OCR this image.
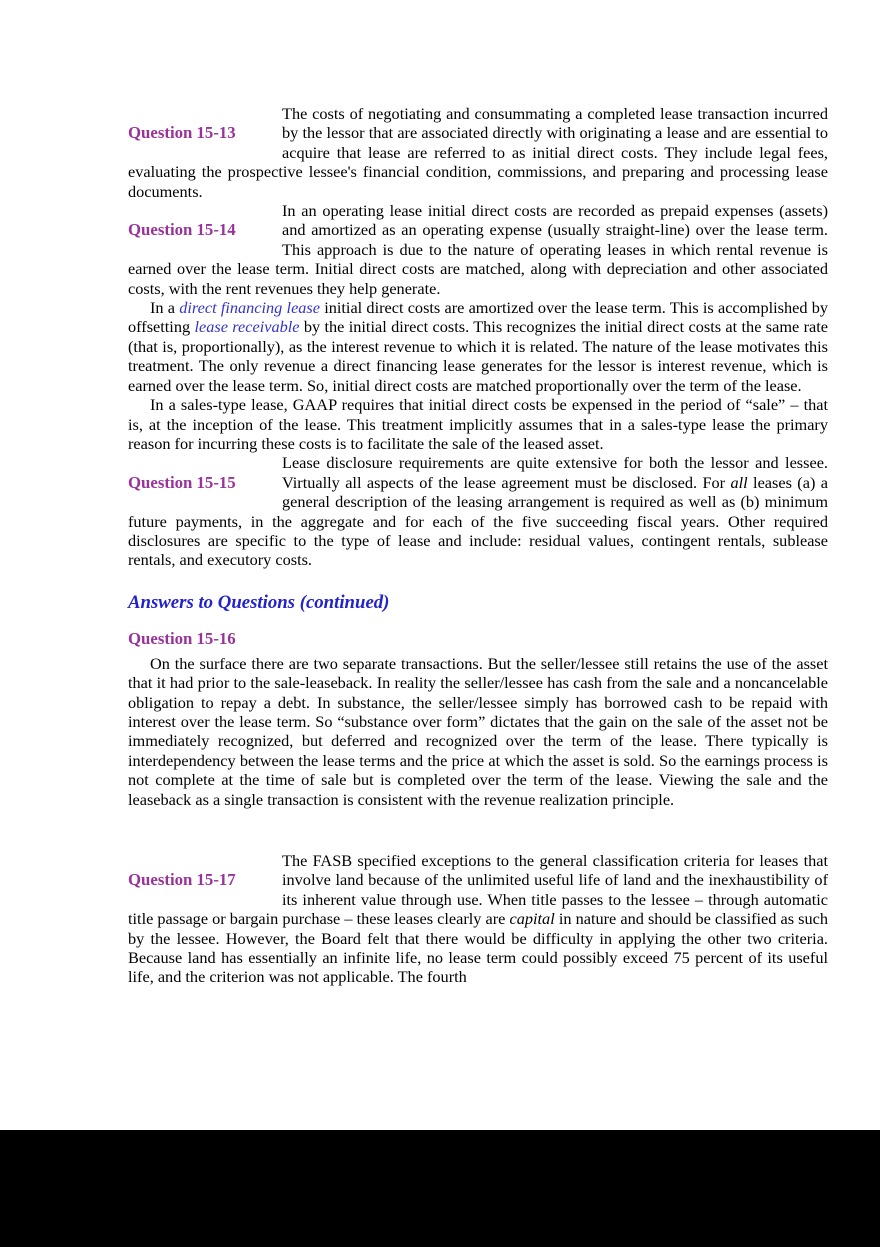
Question 15-13
The costs of negotiating and consummating a completed lease transaction incurred by the lessor that are associated directly with originating a lease and are essential to acquire that lease are referred to as initial direct costs. They include legal fees, evaluating the prospective lessee's financial condition, commissions, and preparing and processing lease documents.
Question 15-14
In an operating lease initial direct costs are recorded as prepaid expenses (assets) and amortized as an operating expense (usually straight-line) over the lease term. This approach is due to the nature of operating leases in which rental revenue is earned over the lease term. Initial direct costs are matched, along with depreciation and other associated costs, with the rent revenues they help generate.
In a direct financing lease initial direct costs are amortized over the lease term. This is accomplished by offsetting lease receivable by the initial direct costs. This recognizes the initial direct costs at the same rate (that is, proportionally), as the interest revenue to which it is related. The nature of the lease motivates this treatment. The only revenue a direct financing lease generates for the lessor is interest revenue, which is earned over the lease term. So, initial direct costs are matched proportionally over the term of the lease.
In a sales-type lease, GAAP requires that initial direct costs be expensed in the period of “sale” – that is, at the inception of the lease. This treatment implicitly assumes that in a sales-type lease the primary reason for incurring these costs is to facilitate the sale of the leased asset.
Question 15-15
Lease disclosure requirements are quite extensive for both the lessor and lessee. Virtually all aspects of the lease agreement must be disclosed. For all leases (a) a general description of the leasing arrangement is required as well as (b) minimum future payments, in the aggregate and for each of the five succeeding fiscal years. Other required disclosures are specific to the type of lease and include: residual values, contingent rentals, sublease rentals, and executory costs.
Answers to Questions (continued)
Question 15-16
On the surface there are two separate transactions. But the seller/lessee still retains the use of the asset that it had prior to the sale-leaseback. In reality the seller/lessee has cash from the sale and a noncancelable obligation to repay a debt. In substance, the seller/lessee simply has borrowed cash to be repaid with interest over the lease term. So “substance over form” dictates that the gain on the sale of the asset not be immediately recognized, but deferred and recognized over the term of the lease. There typically is interdependency between the lease terms and the price at which the asset is sold. So the earnings process is not complete at the time of sale but is completed over the term of the lease. Viewing the sale and the leaseback as a single transaction is consistent with the revenue realization principle.
Question 15-17
The FASB specified exceptions to the general classification criteria for leases that involve land because of the unlimited useful life of land and the inexhaustibility of its inherent value through use. When title passes to the lessee – through automatic title passage or bargain purchase – these leases clearly are capital in nature and should be classified as such by the lessee. However, the Board felt that there would be difficulty in applying the other two criteria. Because land has essentially an infinite life, no lease term could possibly exceed 75 percent of its useful life, and the criterion was not applicable. The fourth
